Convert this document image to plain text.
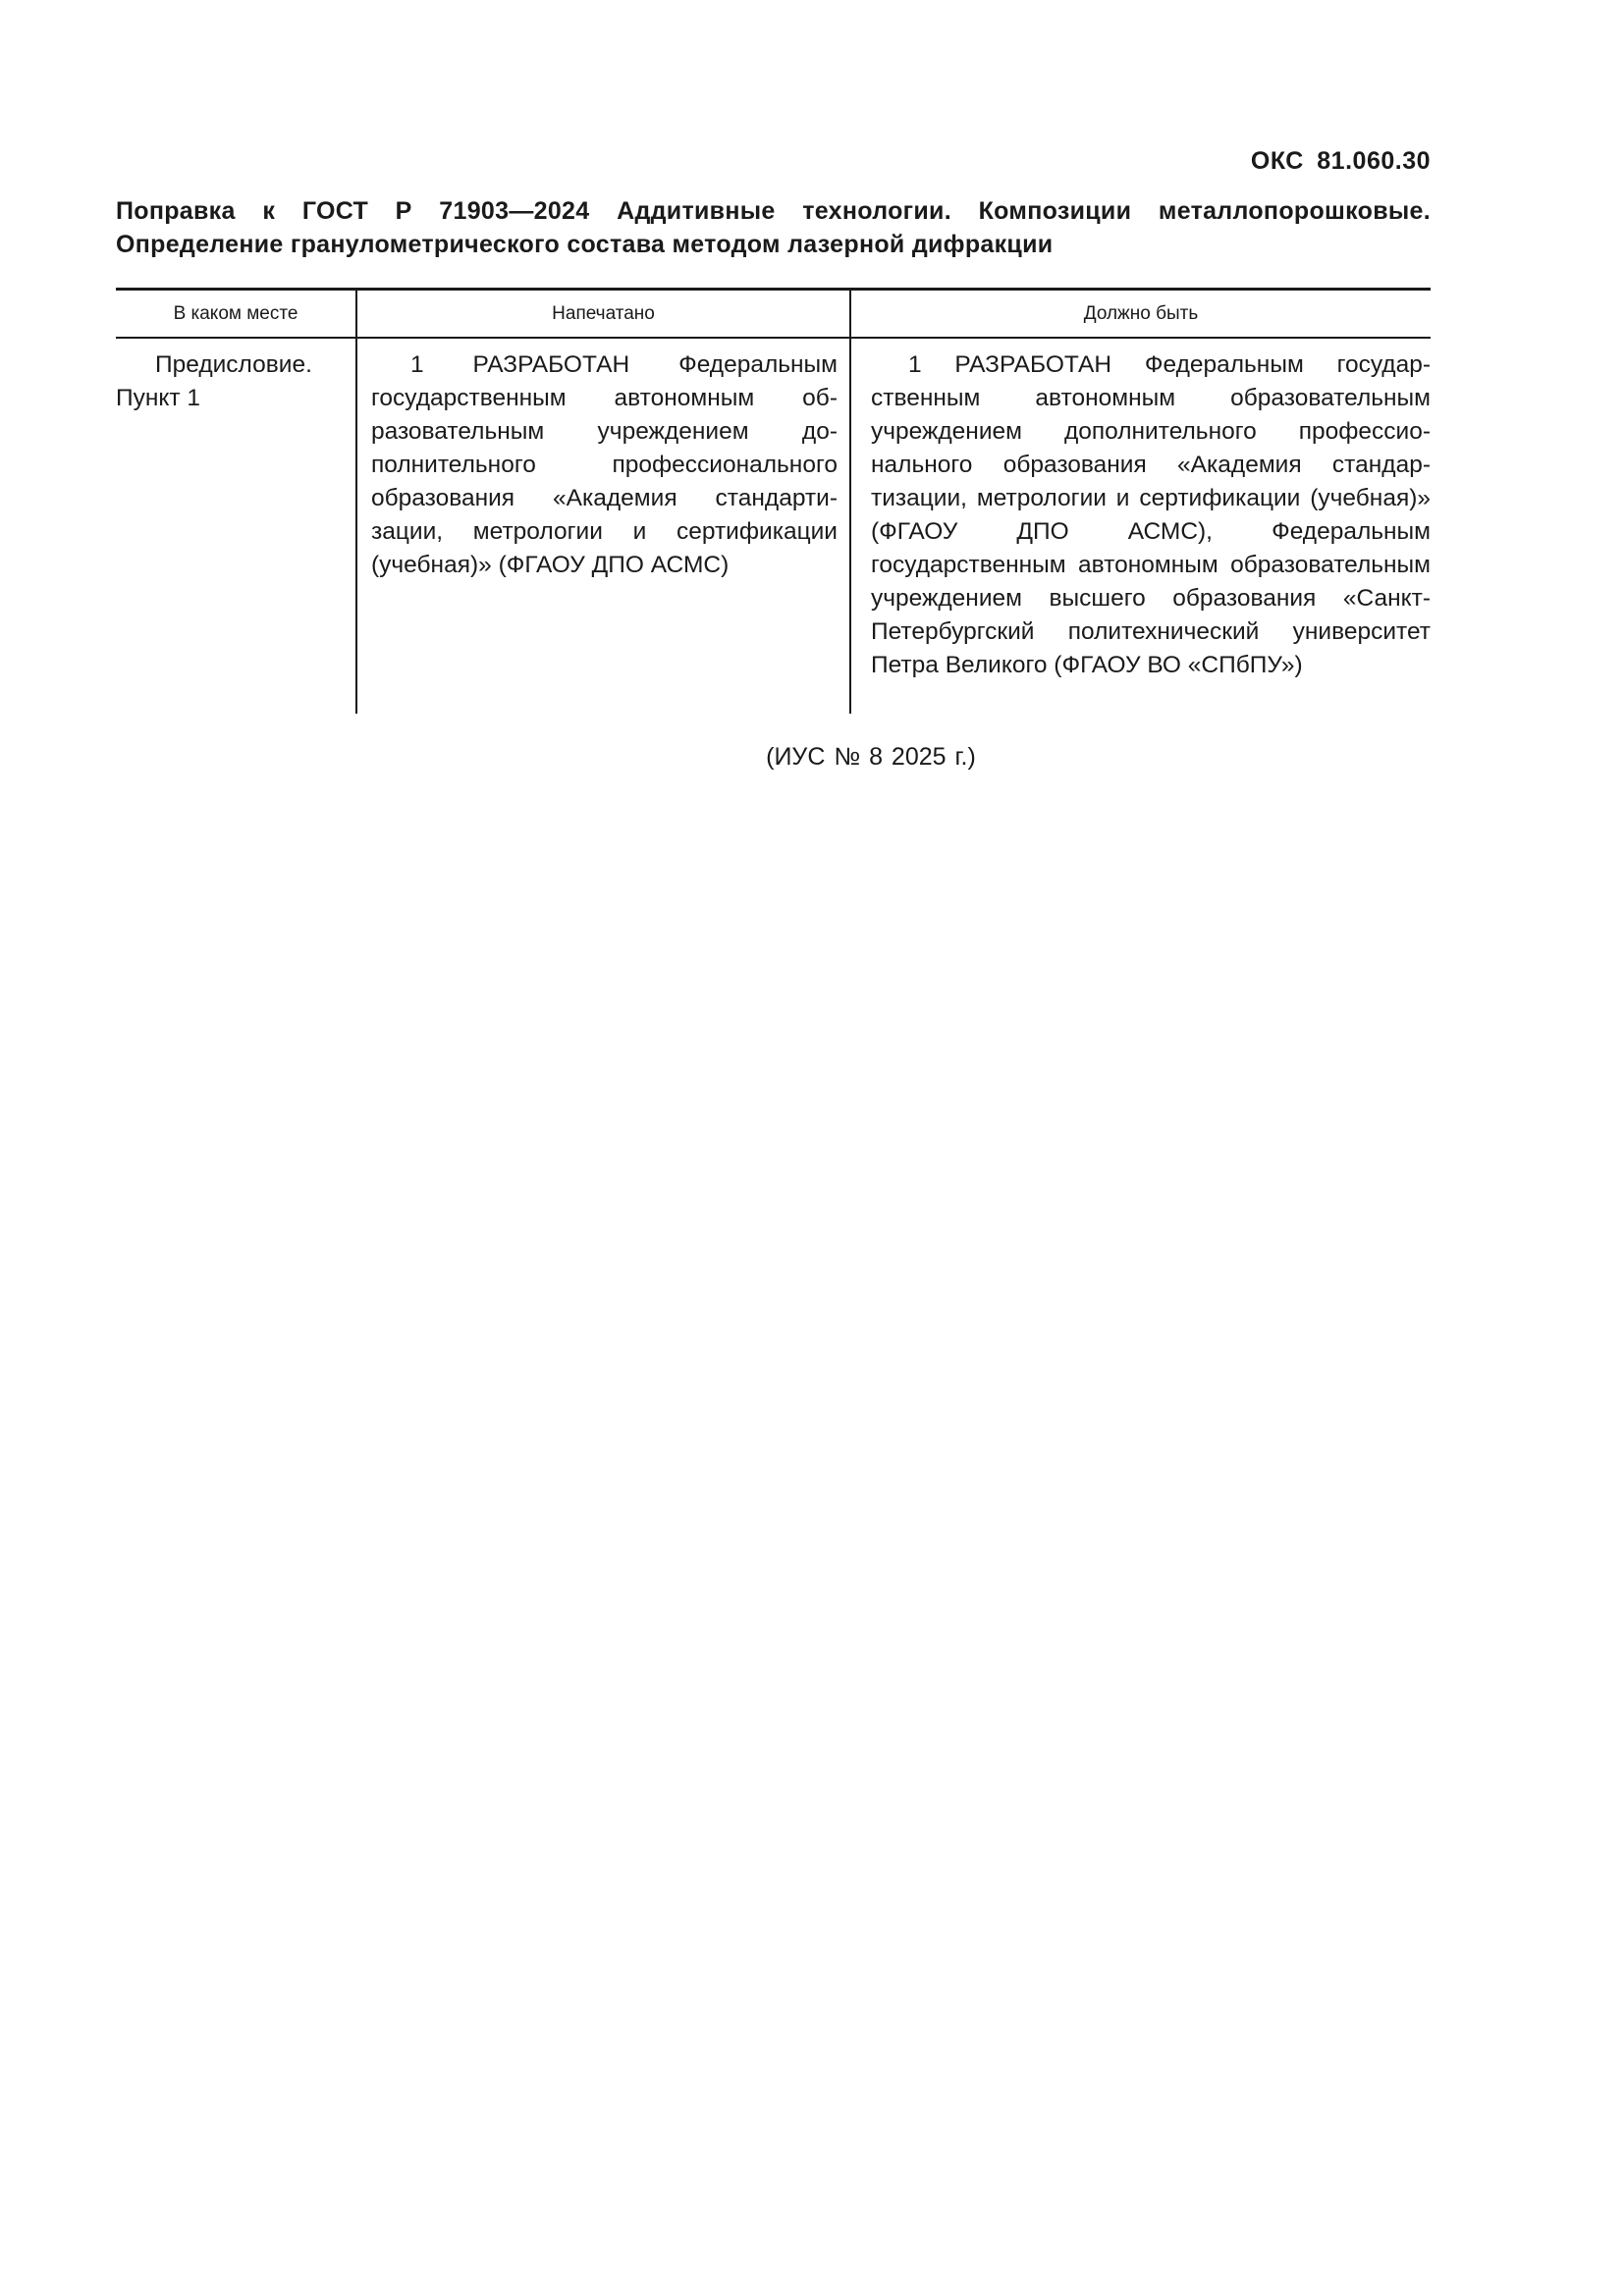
ОКС 81.060.30
Поправка к ГОСТ Р 71903—2024 Аддитивные технологии. Композиции металлопорошковые. Определение гранулометрического состава методом лазерной дифракции
В каком месте	Напечатано	Должно быть
Предисловие. Пункт 1
1 РАЗРАБОТАН Федеральным государственным автономным образовательным учреждением дополнительного профессионального образования «Академия стандартизации, метрологии и сертификации (учебная)» (ФГАОУ ДПО АСМС)
1 РАЗРАБОТАН Федеральным государственным автономным образовательным учреждением дополнительного профессионального образования «Академия стандартизации, метрологии и сертификации (учебная)» (ФГАОУ ДПО АСМС), Федеральным государственным автономным образовательным учреждением высшего образования «Санкт-Петербургский политехнический университет Петра Великого (ФГАОУ ВО «СПбПУ»)
(ИУС № 8 2025 г.)
